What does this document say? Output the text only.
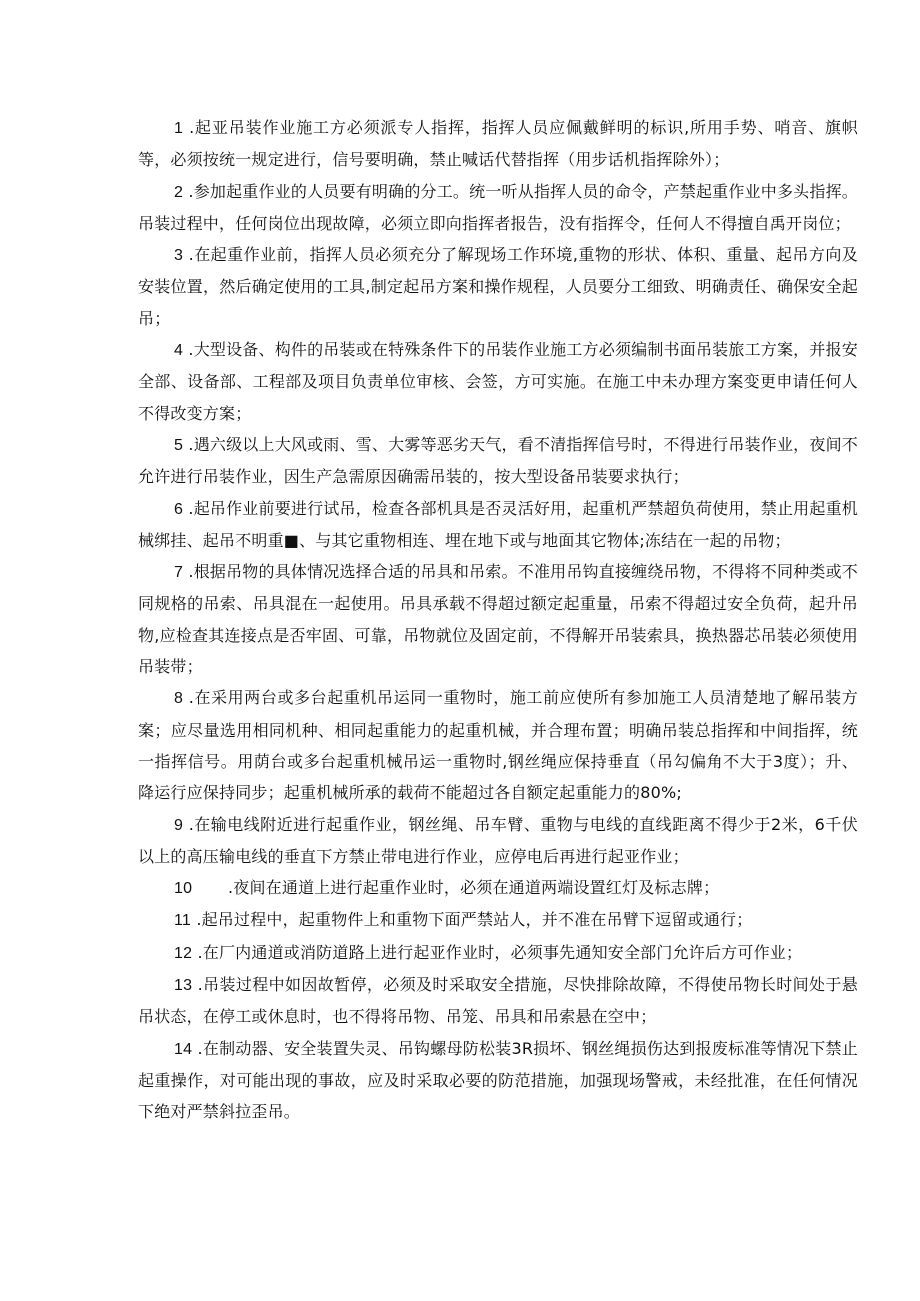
1 .起亚吊装作业施工方必须派专人指挥，指挥人员应佩戴鲜明的标识,所用手势、哨音、旗帜等，必须按统一规定进行，信号要明确，禁止喊话代替指挥（用步话机指挥除外）；

2 .参加起重作业的人员要有明确的分工。统一听从指挥人员的命令，产禁起重作业中多头指挥。吊装过程中，任何岗位出现故障，必须立即向指挥者报告，没有指挥令，任何人不得擅自禹开岗位；

3 .在起重作业前，指挥人员必须充分了解现场工作环境,重物的形状、体积、重量、起吊方向及安装位置，然后确定使用的工具,制定起吊方案和操作规程，人员要分工细致、明确责任、确保安全起吊；

4 .大型设备、构件的吊装或在特殊条件下的吊装作业施工方必须编制书面吊装旅工方案，并报安全部、设备部、工程部及项目负责单位审核、会签，方可实施。在施工中未办理方案变更申请任何人不得改变方案；

5 .遇六级以上大风或雨、雪、大雾等恶劣天气，看不清指挥信号时，不得进行吊装作业，夜间不允许进行吊装作业，因生产急需原因确需吊装的，按大型设备吊装要求执行；

6 .起吊作业前要进行试吊，检查各部机具是否灵活好用，起重机严禁超负荷使用，禁止用起重机械绑挂、起吊不明重■、与其它重物相连、埋在地下或与地面其它物体;冻结在一起的吊物；

7 .根据吊物的具体情况选择合适的吊具和吊索。不准用吊钩直接缠绕吊物，不得将不同种类或不同规格的吊索、吊具混在一起使用。吊具承载不得超过额定起重量，吊索不得超过安全负荷，起升吊物,应检查其连接点是否牢固、可靠，吊物就位及固定前，不得解开吊装索具，换热器芯吊装必须使用吊装带；

8 .在采用两台或多台起重机吊运同一重物时，施工前应使所有参加施工人员清楚地了解吊装方案；应尽量选用相同机种、相同起重能力的起重机械，并合理布置；明确吊装总指挥和中间指挥，统一指挥信号。用荫台或多台起重机械吊运一重物时,钢丝绳应保持垂直（吊勾偏角不大于3度）；升、降运行应保持同步；起重机械所承的载荷不能超过各自额定起重能力的80%;

9 .在输电线附近进行起重作业，钢丝绳、吊车臂、重物与电线的直线距离不得少于2米，6千伏以上的高压输电线的垂直下方禁止带电进行作业，应停电后再进行起亚作业；

10 .夜间在通道上进行起重作业时，必须在通道两端设置红灯及标志牌；

11 .起吊过程中，起重物件上和重物下面严禁站人，并不准在吊臂下逗留或通行；

12 .在厂内通道或消防道路上进行起亚作业时，必须事先通知安全部门允许后方可作业；

13 .吊装过程中如因故暂停，必须及时采取安全措施，尽快排除故障，不得使吊物长时间处于悬吊状态，在停工或休息时，也不得将吊物、吊笼、吊具和吊索悬在空中；

14 .在制动器、安全装置失灵、吊钩螺母防松装3R损坏、钢丝绳损伤达到报废标准等情况下禁止起重操作，对可能出现的事故，应及时采取必要的防范措施，加强现场警戒，未经批准，在任何情况下绝对严禁斜拉歪吊。
